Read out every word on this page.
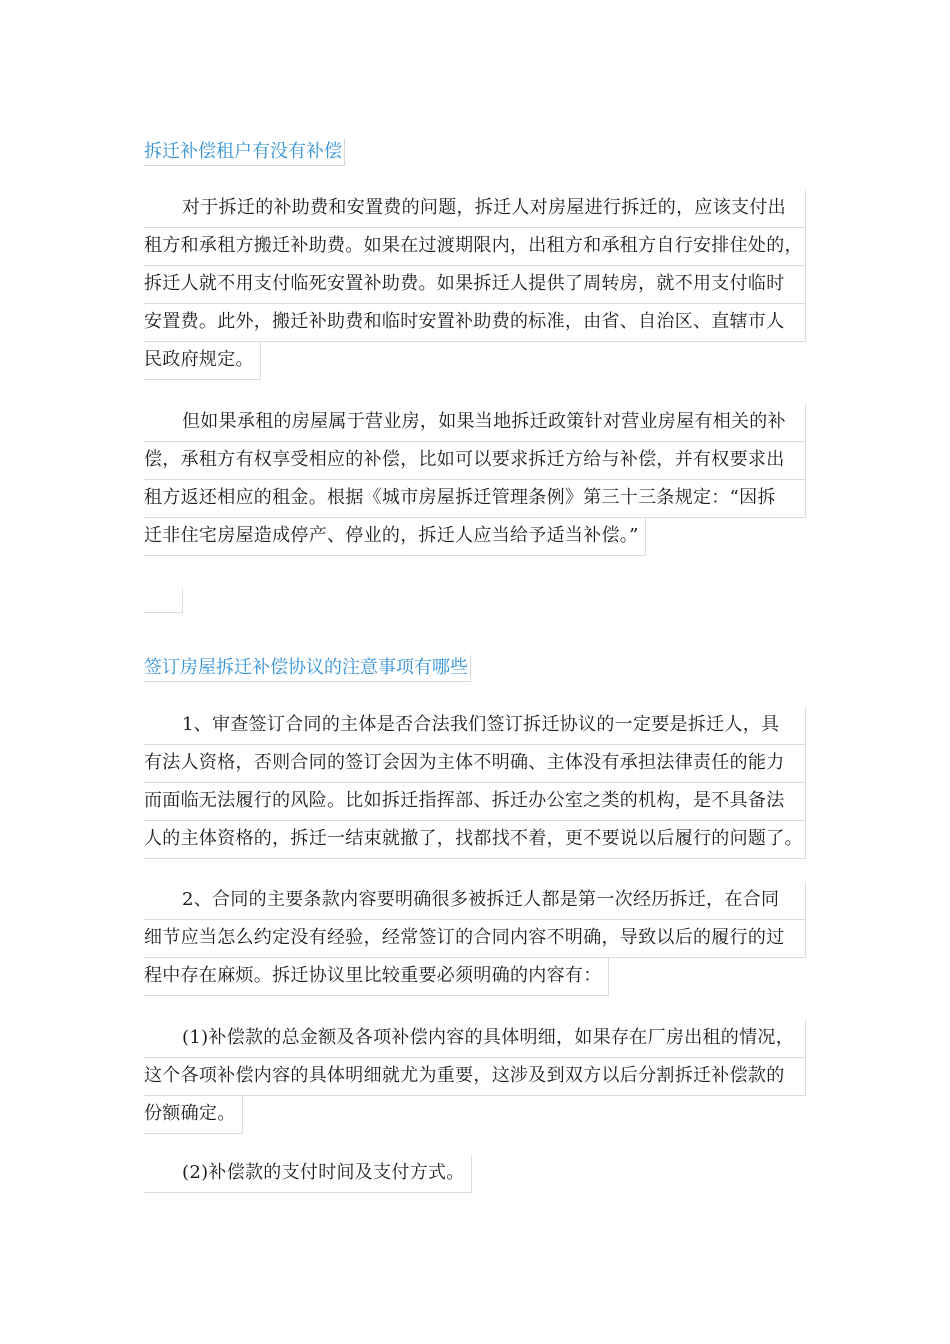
拆迁补偿租户有没有补偿
对于拆迁的补助费和安置费的问题，拆迁人对房屋进行拆迁的，应该支付出
租方和承租方搬迁补助费。如果在过渡期限内，出租方和承租方自行安排住处的，
拆迁人就不用支付临死安置补助费。如果拆迁人提供了周转房，就不用支付临时
安置费。此外，搬迁补助费和临时安置补助费的标准，由省、自治区、直辖市人
民政府规定。
但如果承租的房屋属于营业房，如果当地拆迁政策针对营业房屋有相关的补
偿，承租方有权享受相应的补偿，比如可以要求拆迁方给与补偿，并有权要求出
租方返还相应的租金。根据《城市房屋拆迁管理条例》第三十三条规定：“因拆
迁非住宅房屋造成停产、停业的，拆迁人应当给予适当补偿。”
签订房屋拆迁补偿协议的注意事项有哪些
1、审查签订合同的主体是否合法我们签订拆迁协议的一定要是拆迁人，具
有法人资格，否则合同的签订会因为主体不明确、主体没有承担法律责任的能力
而面临无法履行的风险。比如拆迁指挥部、拆迁办公室之类的机构，是不具备法
人的主体资格的，拆迁一结束就撤了，找都找不着，更不要说以后履行的问题了。
2、合同的主要条款内容要明确很多被拆迁人都是第一次经历拆迁，在合同
细节应当怎么约定没有经验，经常签订的合同内容不明确，导致以后的履行的过
程中存在麻烦。拆迁协议里比较重要必须明确的内容有：
(1)补偿款的总金额及各项补偿内容的具体明细，如果存在厂房出租的情况，
这个各项补偿内容的具体明细就尤为重要，这涉及到双方以后分割拆迁补偿款的
份额确定。
(2)补偿款的支付时间及支付方式。
